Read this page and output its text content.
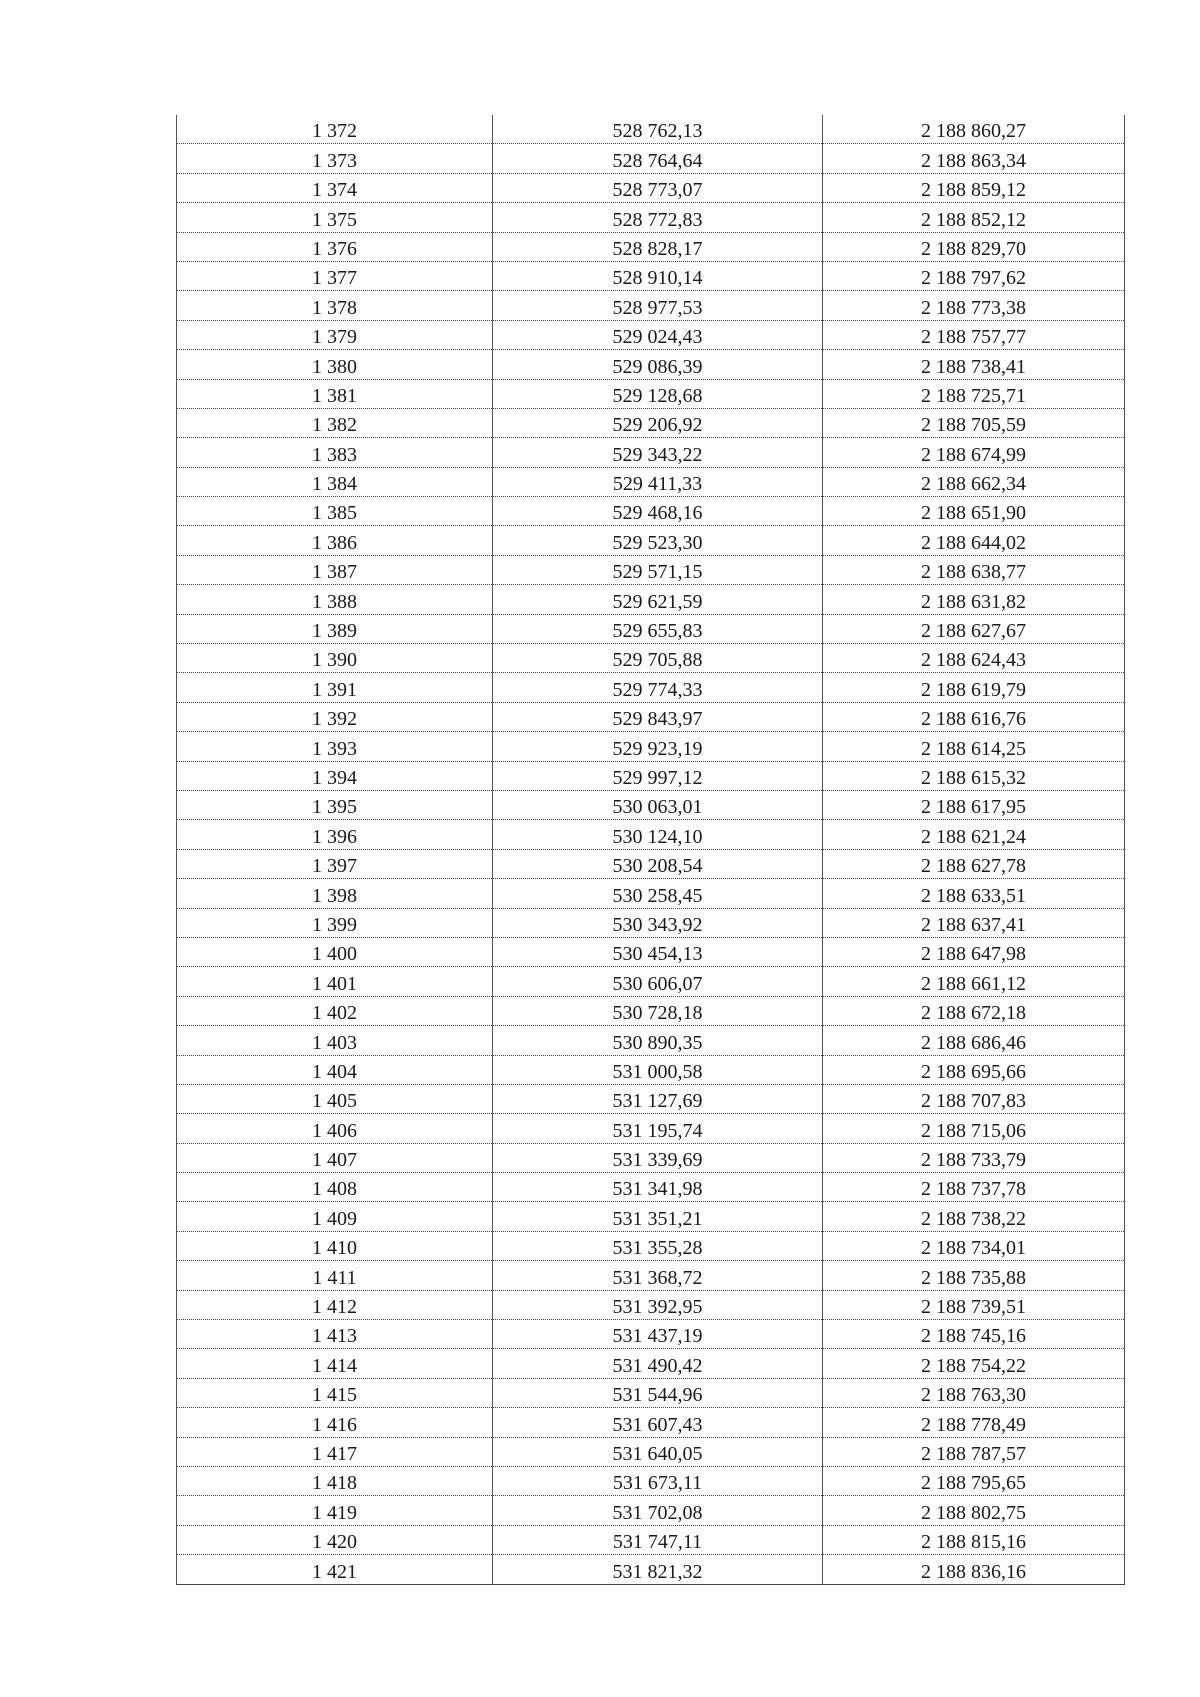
1 372	528 762,13	2 188 860,27
1 373	528 764,64	2 188 863,34
1 374	528 773,07	2 188 859,12
1 375	528 772,83	2 188 852,12
1 376	528 828,17	2 188 829,70
1 377	528 910,14	2 188 797,62
1 378	528 977,53	2 188 773,38
1 379	529 024,43	2 188 757,77
1 380	529 086,39	2 188 738,41
1 381	529 128,68	2 188 725,71
1 382	529 206,92	2 188 705,59
1 383	529 343,22	2 188 674,99
1 384	529 411,33	2 188 662,34
1 385	529 468,16	2 188 651,90
1 386	529 523,30	2 188 644,02
1 387	529 571,15	2 188 638,77
1 388	529 621,59	2 188 631,82
1 389	529 655,83	2 188 627,67
1 390	529 705,88	2 188 624,43
1 391	529 774,33	2 188 619,79
1 392	529 843,97	2 188 616,76
1 393	529 923,19	2 188 614,25
1 394	529 997,12	2 188 615,32
1 395	530 063,01	2 188 617,95
1 396	530 124,10	2 188 621,24
1 397	530 208,54	2 188 627,78
1 398	530 258,45	2 188 633,51
1 399	530 343,92	2 188 637,41
1 400	530 454,13	2 188 647,98
1 401	530 606,07	2 188 661,12
1 402	530 728,18	2 188 672,18
1 403	530 890,35	2 188 686,46
1 404	531 000,58	2 188 695,66
1 405	531 127,69	2 188 707,83
1 406	531 195,74	2 188 715,06
1 407	531 339,69	2 188 733,79
1 408	531 341,98	2 188 737,78
1 409	531 351,21	2 188 738,22
1 410	531 355,28	2 188 734,01
1 411	531 368,72	2 188 735,88
1 412	531 392,95	2 188 739,51
1 413	531 437,19	2 188 745,16
1 414	531 490,42	2 188 754,22
1 415	531 544,96	2 188 763,30
1 416	531 607,43	2 188 778,49
1 417	531 640,05	2 188 787,57
1 418	531 673,11	2 188 795,65
1 419	531 702,08	2 188 802,75
1 420	531 747,11	2 188 815,16
1 421	531 821,32	2 188 836,16
